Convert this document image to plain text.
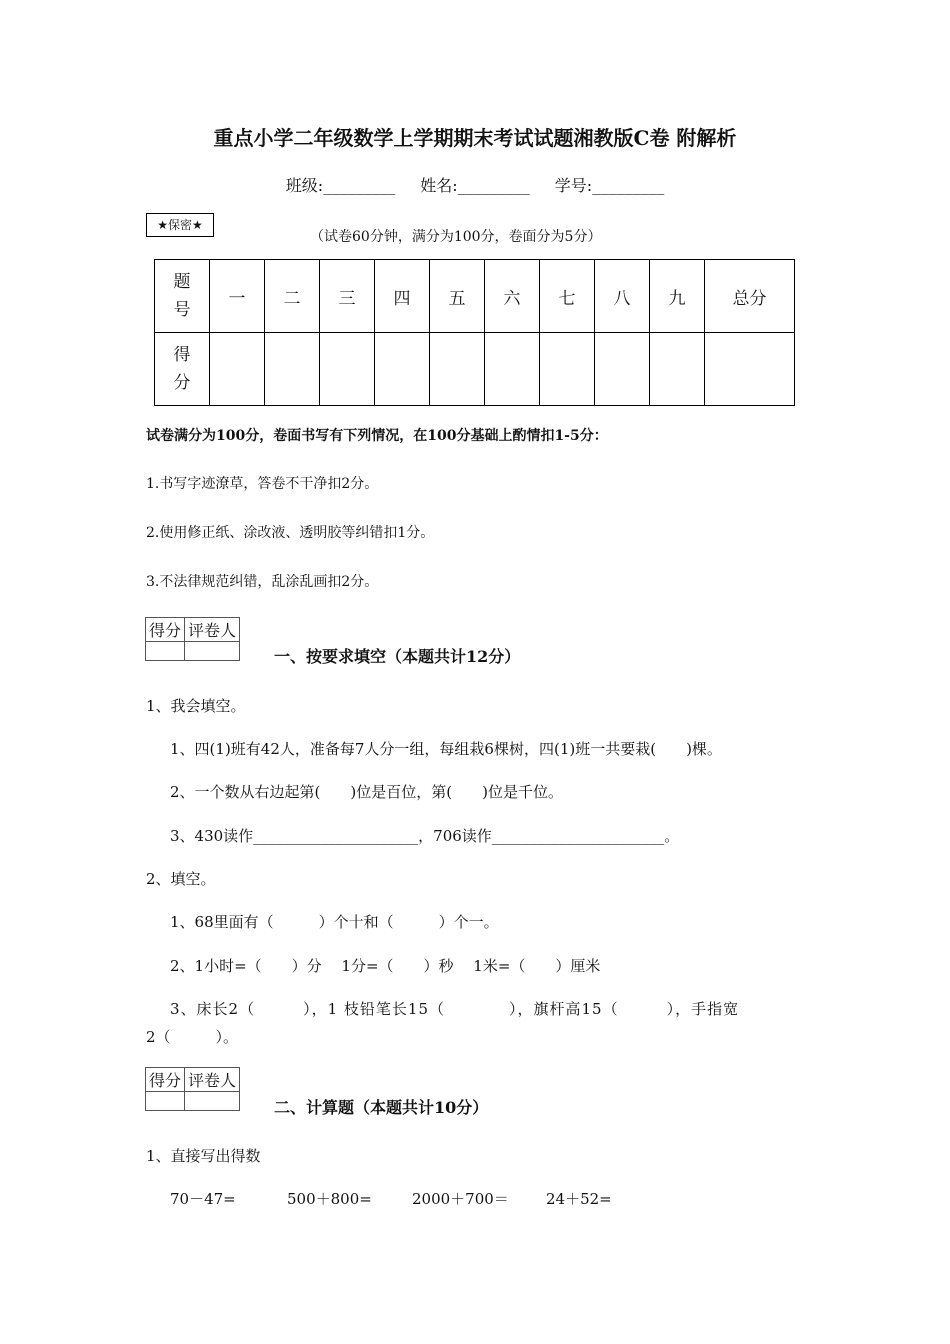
重点小学二年级数学上学期期末考试试题湘教版C卷 附解析
班级:_________ 姓名:_________ 学号:_________
★保密★
（试卷60分钟，满分为100分，卷面分为5分）
题
号	一	二	三	四	五	六	七	八	九	总分

得
分										

试卷满分为100分，卷面书写有下列情况，在100分基础上酌情扣1-5分：
1.书写字迹潦草，答卷不干净扣2分。
2.使用修正纸、涂改液、透明胶等纠错扣1分。
3.不法律规范纠错，乱涂乱画扣2分。
得分	评卷人

一、按要求填空（本题共计12分）
1、我会填空。
1、四(1)班有42人，准备每7人分一组，每组栽6棵树，四(1)班一共要栽(　　)棵。
2、一个数从右边起第(　　)位是百位，第(　　)位是千位。
3、430读作______________________，706读作_______________________。
2、填空。
1、68里面有（　　　）个十和（　　　）个一。
2、1小时=（　　）分　 1分=（　　）秒　 1米=（　　）厘米
3、床长2（　　　），1 枝铅笔长15（　　　　），旗杆高15（　　　），手指宽
2（　　　）。
得分	评卷人

二、计算题（本题共计10分）
1、直接写出得数
70－47=	500＋800=	2000＋700＝ 24＋52=
